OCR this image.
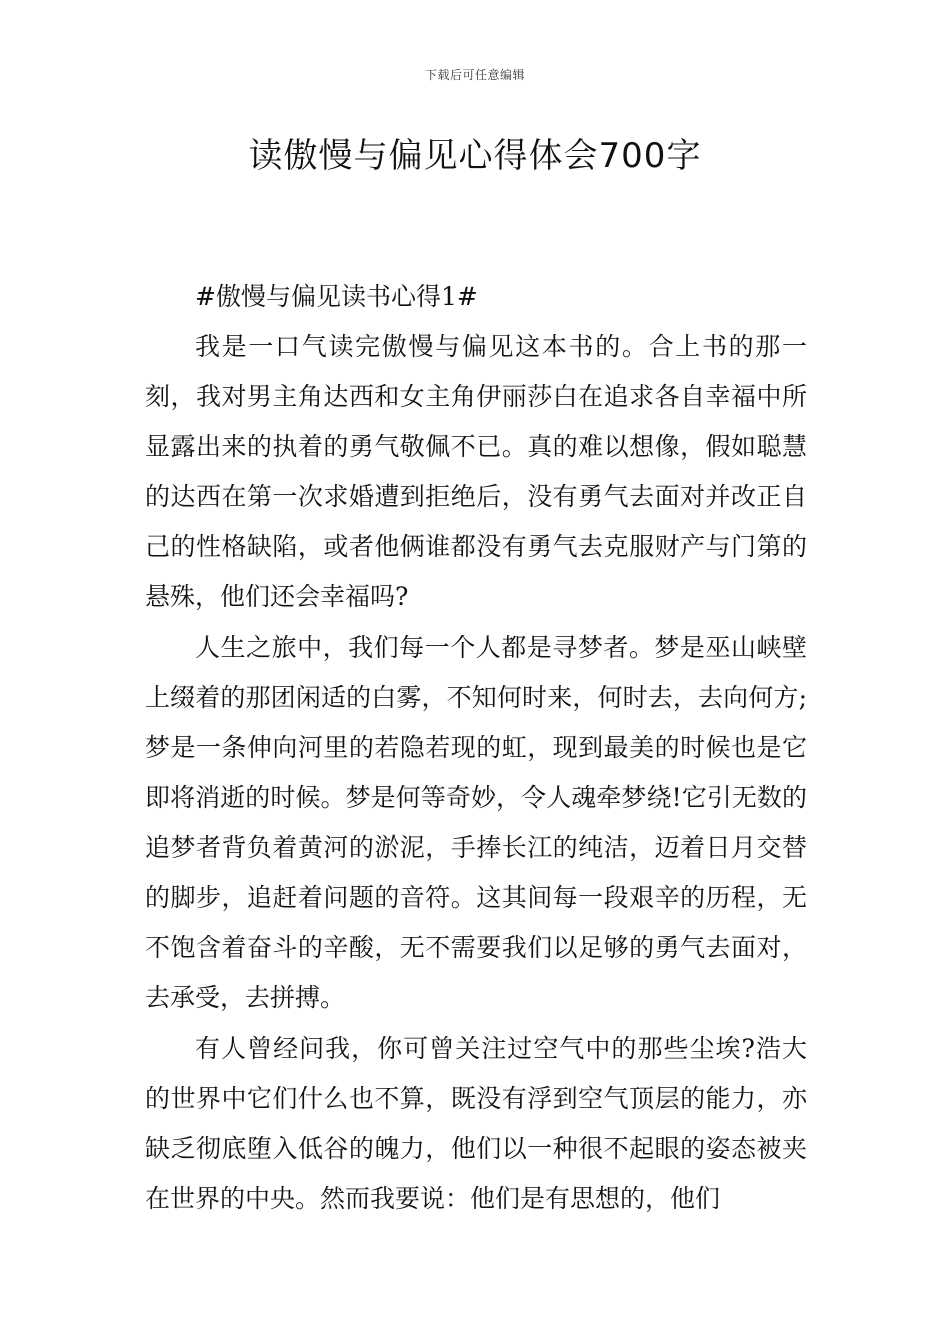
下载后可任意编辑
读傲慢与偏见心得体会700字

#傲慢与偏见读书心得1#

我是一口气读完傲慢与偏见这本书的。合上书的那一刻，我对男主角达西和女主角伊丽莎白在追求各自幸福中所显露出来的执着的勇气敬佩不已。真的难以想像，假如聪慧的达西在第一次求婚遭到拒绝后，没有勇气去面对并改正自己的性格缺陷，或者他俩谁都没有勇气去克服财产与门第的悬殊，他们还会幸福吗?

人生之旅中，我们每一个人都是寻梦者。梦是巫山峡壁上缀着的那团闲适的白雾，不知何时来，何时去，去向何方;梦是一条伸向河里的若隐若现的虹，现到最美的时候也是它即将消逝的时候。梦是何等奇妙，令人魂牵梦绕!它引无数的追梦者背负着黄河的淤泥，手捧长江的纯洁，迈着日月交替的脚步，追赶着问题的音符。这其间每一段艰辛的历程，无不饱含着奋斗的辛酸，无不需要我们以足够的勇气去面对，去承受，去拼搏。

有人曾经问我，你可曾关注过空气中的那些尘埃?浩大的世界中它们什么也不算，既没有浮到空气顶层的能力，亦缺乏彻底堕入低谷的魄力，他们以一种很不起眼的姿态被夹在世界的中央。然而我要说：他们是有思想的，他们
